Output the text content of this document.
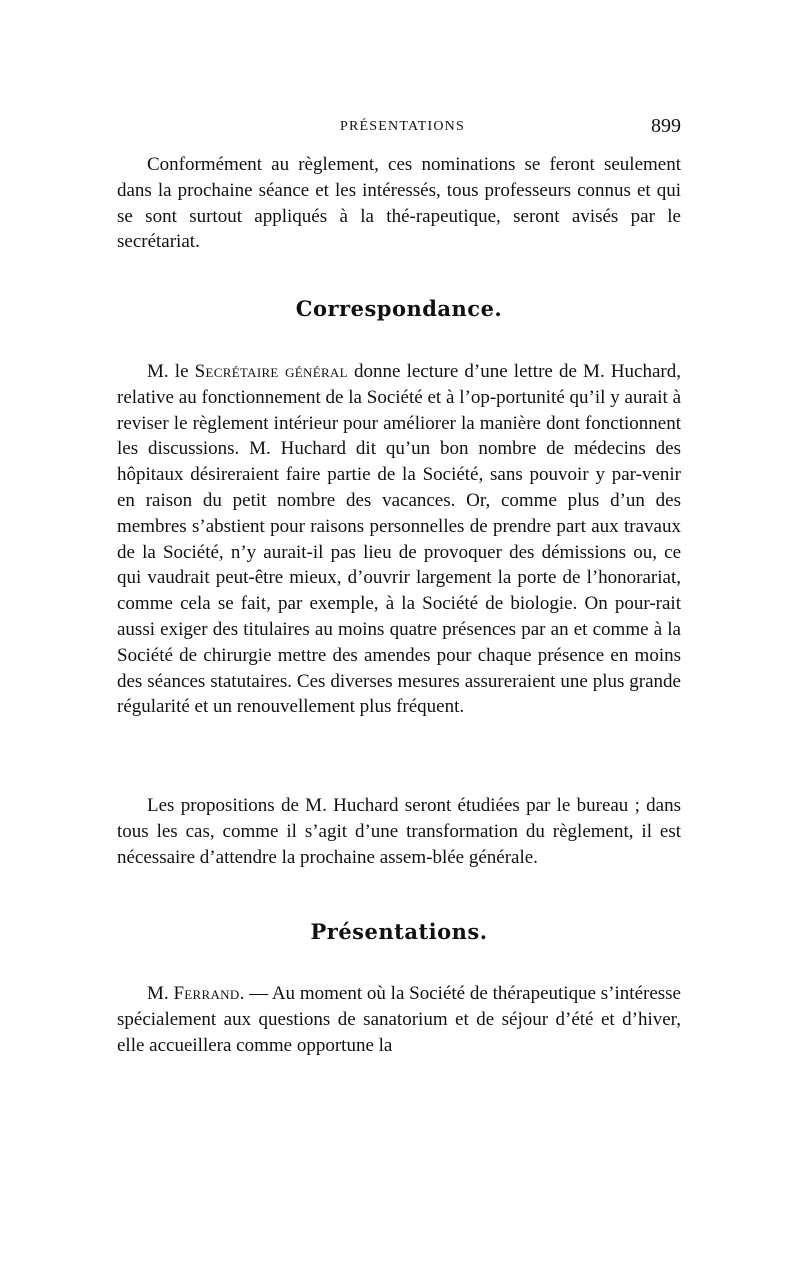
PRÉSENTATIONS	899

Conformément au règlement, ces nominations se feront seulement dans la prochaine séance et les intéressés, tous professeurs connus et qui se sont surtout appliqués à la thé-rapeutique, seront avisés par le secrétariat.

Correspondance.

M. le Secrétaire général donne lecture d’une lettre de M. Huchard, relative au fonctionnement de la Société et à l’op-portunité qu’il y aurait à reviser le règlement intérieur pour améliorer la manière dont fonctionnent les discussions. M. Huchard dit qu’un bon nombre de médecins des hôpitaux désireraient faire partie de la Société, sans pouvoir y par-venir en raison du petit nombre des vacances. Or, comme plus d’un des membres s’abstient pour raisons personnelles de prendre part aux travaux de la Société, n’y aurait-il pas lieu de provoquer des démissions ou, ce qui vaudrait peut-être mieux, d’ouvrir largement la porte de l’honorariat, comme cela se fait, par exemple, à la Société de biologie. On pour-rait aussi exiger des titulaires au moins quatre présences par an et comme à la Société de chirurgie mettre des amendes pour chaque présence en moins des séances statutaires. Ces diverses mesures assureraient une plus grande régularité et un renouvellement plus fréquent.

Les propositions de M. Huchard seront étudiées par le bureau ; dans tous les cas, comme il s’agit d’une transformation du règlement, il est nécessaire d’attendre la prochaine assem-blée générale.

Présentations.

M. Ferrand. — Au moment où la Société de thérapeutique s’intéresse spécialement aux questions de sanatorium et de séjour d’été et d’hiver, elle accueillera comme opportune la
